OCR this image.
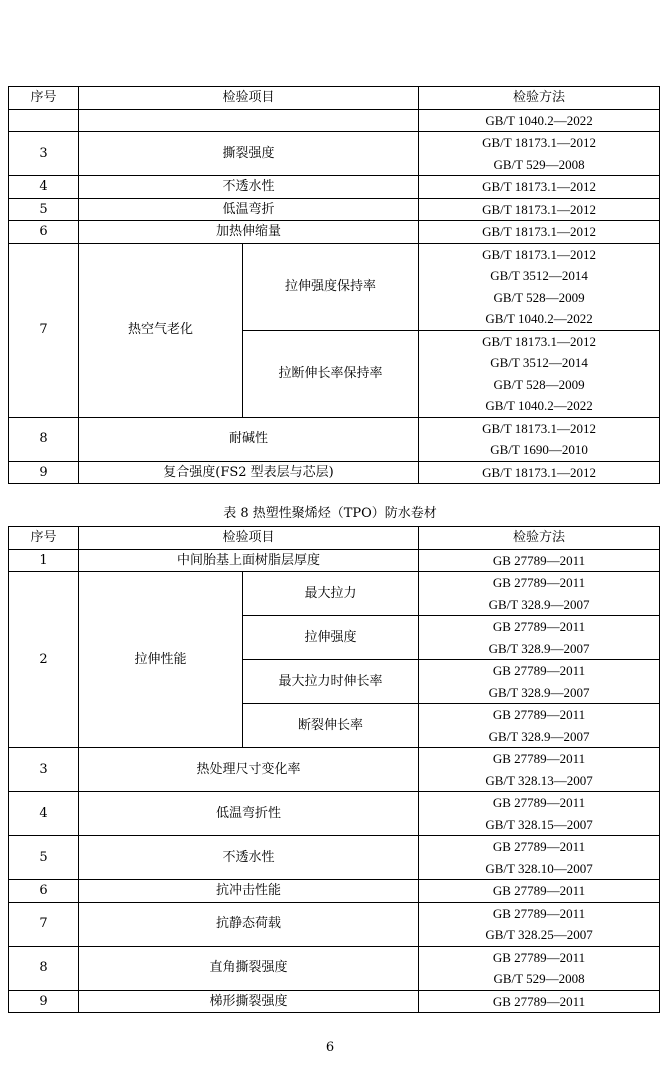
序号	检验项目		检验方法
			GB/T 1040.2—2022
3	撕裂强度		GB/T 18173.1—2012
GB/T 529—2008

4	不透水性		GB/T 18173.1—2012
5	低温弯折		GB/T 18173.1—2012
6	加热伸缩量		GB/T 18173.1—2012
7	热空气老化	拉伸强度保持率	GB/T 18173.1—2012
GB/T 3512—2014
GB/T 528—2009
GB/T 1040.2—2022

		拉断伸长率保持率	GB/T 18173.1—2012
GB/T 3512—2014
GB/T 528—2009
GB/T 1040.2—2022

8	耐碱性		GB/T 18173.1—2012
GB/T 1690—2010

9	复合强度(FS2 型表层与芯层)		GB/T 18173.1—2012
表 8 热塑性聚烯烃（TPO）防水卷材
序号	检验项目		检验方法
1	中间胎基上面树脂层厚度		GB 27789—2011
2	拉伸性能	最大拉力	GB 27789—2011
GB/T 328.9—2007

		拉伸强度	GB 27789—2011
GB/T 328.9—2007

		最大拉力时伸长率	GB 27789—2011
GB/T 328.9—2007

		断裂伸长率	GB 27789—2011
GB/T 328.9—2007

3	热处理尺寸变化率		GB 27789—2011
GB/T 328.13—2007

4	低温弯折性		GB 27789—2011
GB/T 328.15—2007

5	不透水性		GB 27789—2011
GB/T 328.10—2007

6	抗冲击性能		GB 27789—2011
7	抗静态荷载		GB 27789—2011
GB/T 328.25—2007

8	直角撕裂强度		GB 27789—2011
GB/T 529—2008

9	梯形撕裂强度		GB 27789—2011
6
